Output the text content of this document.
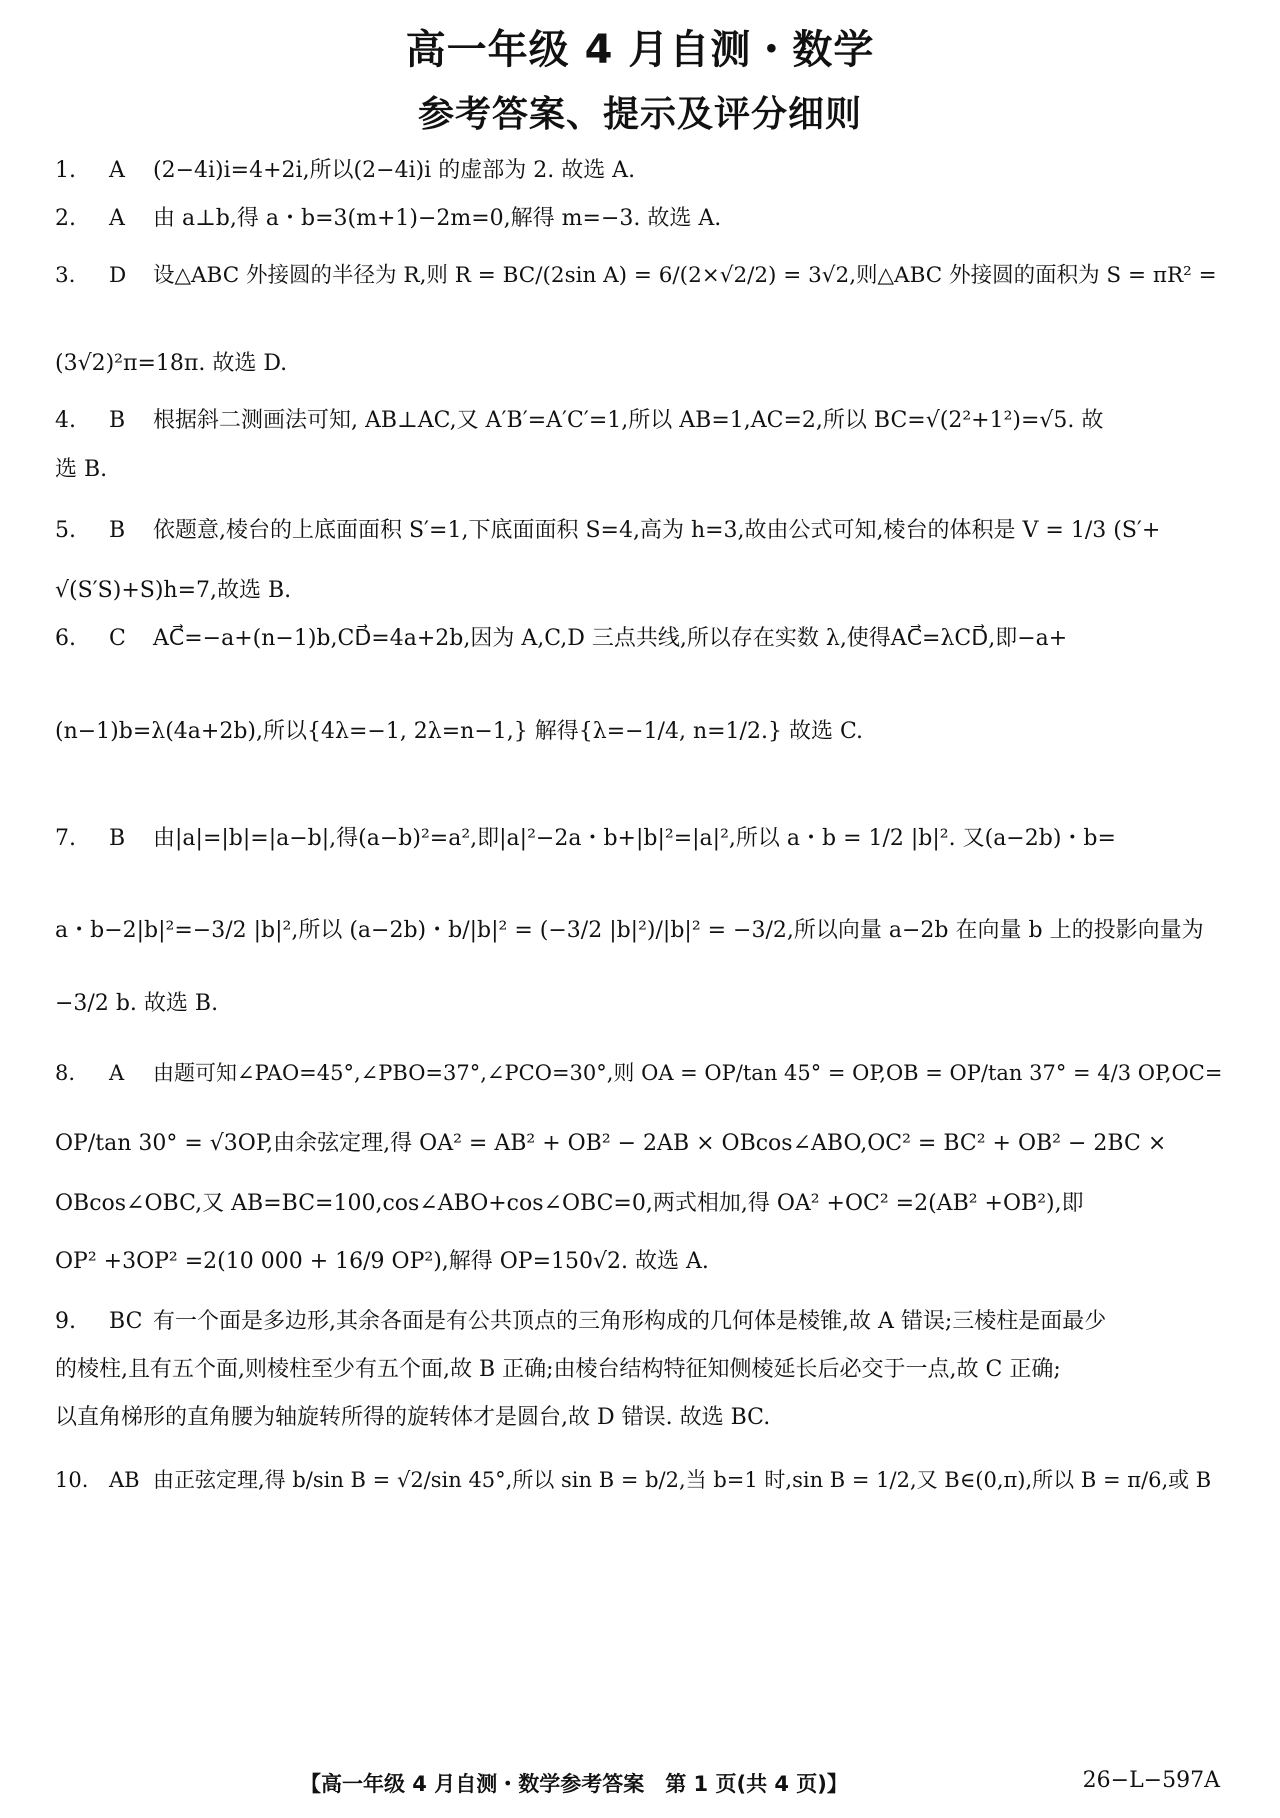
高一年级 4 月自测・数学
参考答案、提示及评分细则
1. A (2−4i)i=4+2i,所以(2−4i)i 的虚部为 2. 故选 A.
2. A 由 a⊥b,得 a・b=3(m+1)−2m=0,解得 m=−3. 故选 A.
3. D 设△ABC 外接圆的半径为 R,则 R = BC/(2sin A) = 6/(2×√2/2) = 3√2,则△ABC 外接圆的面积为 S = πR² =
(3√2)²π=18π. 故选 D.
4. B 根据斜二测画法可知, AB⊥AC,又 A′B′=A′C′=1,所以 AB=1,AC=2,所以 BC=√(2²+1²)=√5. 故
选 B.
5. B 依题意,棱台的上底面面积 S′=1,下底面面积 S=4,高为 h=3,故由公式可知,棱台的体积是 V = 1/3 (S′+
√(S′S)+S)h=7,故选 B.
6. C AC⃗=−a+(n−1)b,CD⃗=4a+2b,因为 A,C,D 三点共线,所以存在实数 λ,使得AC⃗=λCD⃗,即−a+
(n−1)b=λ(4a+2b),所以{4λ=−1, 2λ=n−1,} 解得{λ=−1/4, n=1/2.} 故选 C.
7. B 由|a|=|b|=|a−b|,得(a−b)²=a²,即|a|²−2a・b+|b|²=|a|²,所以 a・b = 1/2 |b|². 又(a−2b)・b=
a・b−2|b|²=−3/2 |b|²,所以 (a−2b)・b/|b|² = (−3/2 |b|²)/|b|² = −3/2,所以向量 a−2b 在向量 b 上的投影向量为
−3/2 b. 故选 B.
8. A 由题可知∠PAO=45°,∠PBO=37°,∠PCO=30°,则 OA = OP/tan 45° = OP,OB = OP/tan 37° = 4/3 OP,OC=
OP/tan 30° = √3OP,由余弦定理,得 OA² = AB² + OB² − 2AB × OBcos∠ABO,OC² = BC² + OB² − 2BC ×
OBcos∠OBC,又 AB=BC=100,cos∠ABO+cos∠OBC=0,两式相加,得 OA² +OC² =2(AB² +OB²),即
OP² +3OP² =2(10 000 + 16/9 OP²),解得 OP=150√2. 故选 A.
9. BC 有一个面是多边形,其余各面是有公共顶点的三角形构成的几何体是棱锥,故 A 错误;三棱柱是面最少
的棱柱,且有五个面,则棱柱至少有五个面,故 B 正确;由棱台结构特征知侧棱延长后必交于一点,故 C 正确;
以直角梯形的直角腰为轴旋转所得的旋转体才是圆台,故 D 错误. 故选 BC.
10. AB 由正弦定理,得 b/sin B = √2/sin 45°,所以 sin B = b/2,当 b=1 时,sin B = 1/2,又 B∈(0,π),所以 B = π/6,或 B
【高一年级 4 月自测・数学参考答案　第 1 页(共 4 页)】	26−L−597A
